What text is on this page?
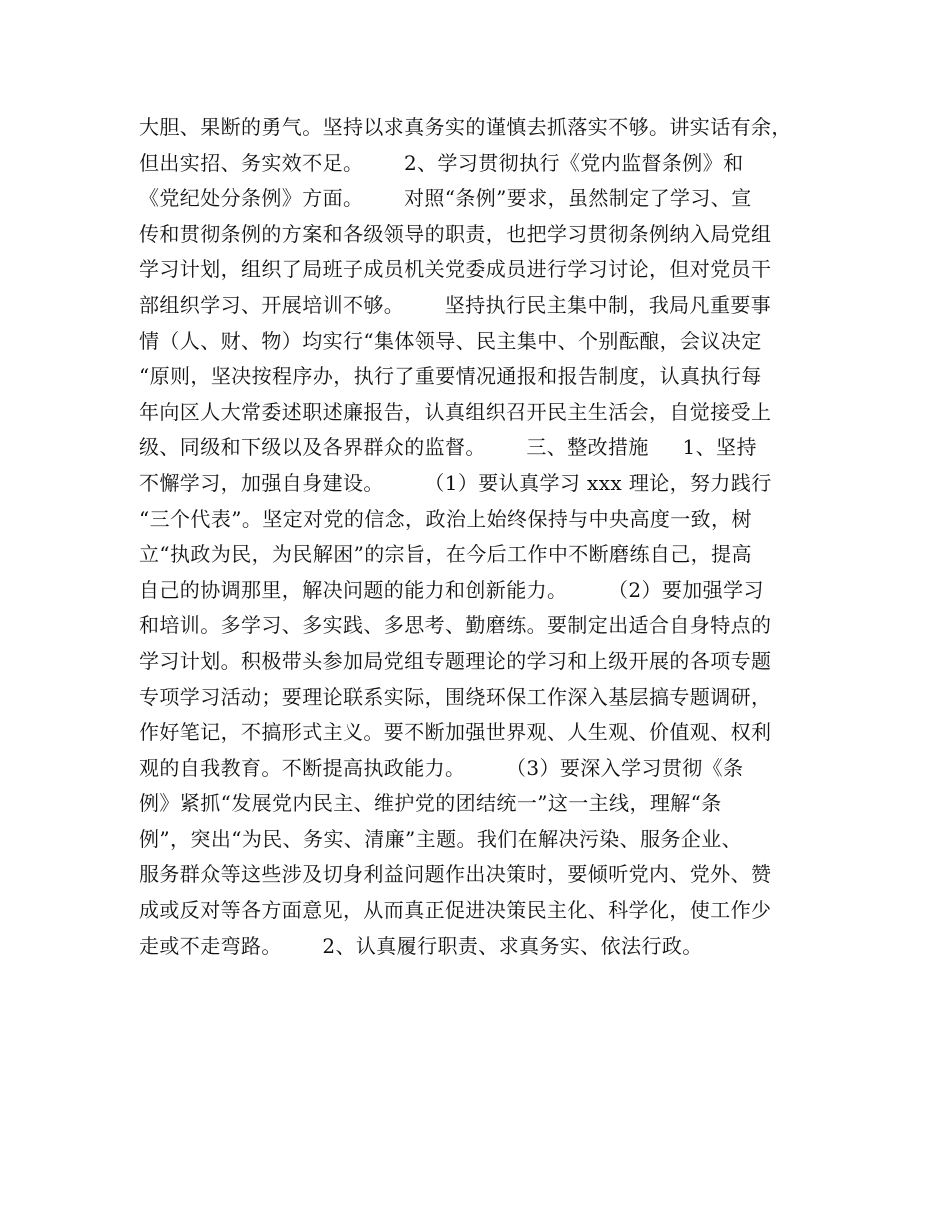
大胆、果断的勇气。坚持以求真务实的谨慎去抓落实不够。讲实话有余，
但出实招、务实效不足。      2、学习贯彻执行《党内监督条例》和
《党纪处分条例》方面。      对照“条例”要求，虽然制定了学习、宣
传和贯彻条例的方案和各级领导的职责，也把学习贯彻条例纳入局党组
学习计划，组织了局班子成员机关党委成员进行学习讨论，但对党员干
部组织学习、开展培训不够。      坚持执行民主集中制，我局凡重要事
情（人、财、物）均实行“集体领导、民主集中、个别酝酿，会议决定
“原则，坚决按程序办，执行了重要情况通报和报告制度，认真执行每
年向区人大常委述职述廉报告，认真组织召开民主生活会，自觉接受上
级、同级和下级以及各界群众的监督。      三、整改措施     1、坚持
不懈学习，加强自身建设。      （1）要认真学习 xxx 理论，努力践行
“三个代表”。坚定对党的信念，政治上始终保持与中央高度一致，树
立“执政为民，为民解困”的宗旨，在今后工作中不断磨练自己，提高
自己的协调那里，解决问题的能力和创新能力。      （2）要加强学习
和培训。多学习、多实践、多思考、勤磨练。要制定出适合自身特点的
学习计划。积极带头参加局党组专题理论的学习和上级开展的各项专题
专项学习活动；要理论联系实际，围绕环保工作深入基层搞专题调研，
作好笔记，不搞形式主义。要不断加强世界观、人生观、价值观、权利
观的自我教育。不断提高执政能力。      （3）要深入学习贯彻《条
例》紧抓“发展党内民主、维护党的团结统一”这一主线，理解“条
例”，突出“为民、务实、清廉”主题。我们在解决污染、服务企业、
服务群众等这些涉及切身利益问题作出决策时，要倾听党内、党外、赞
成或反对等各方面意见，从而真正促进决策民主化、科学化，使工作少
走或不走弯路。      2、认真履行职责、求真务实、依法行政。
